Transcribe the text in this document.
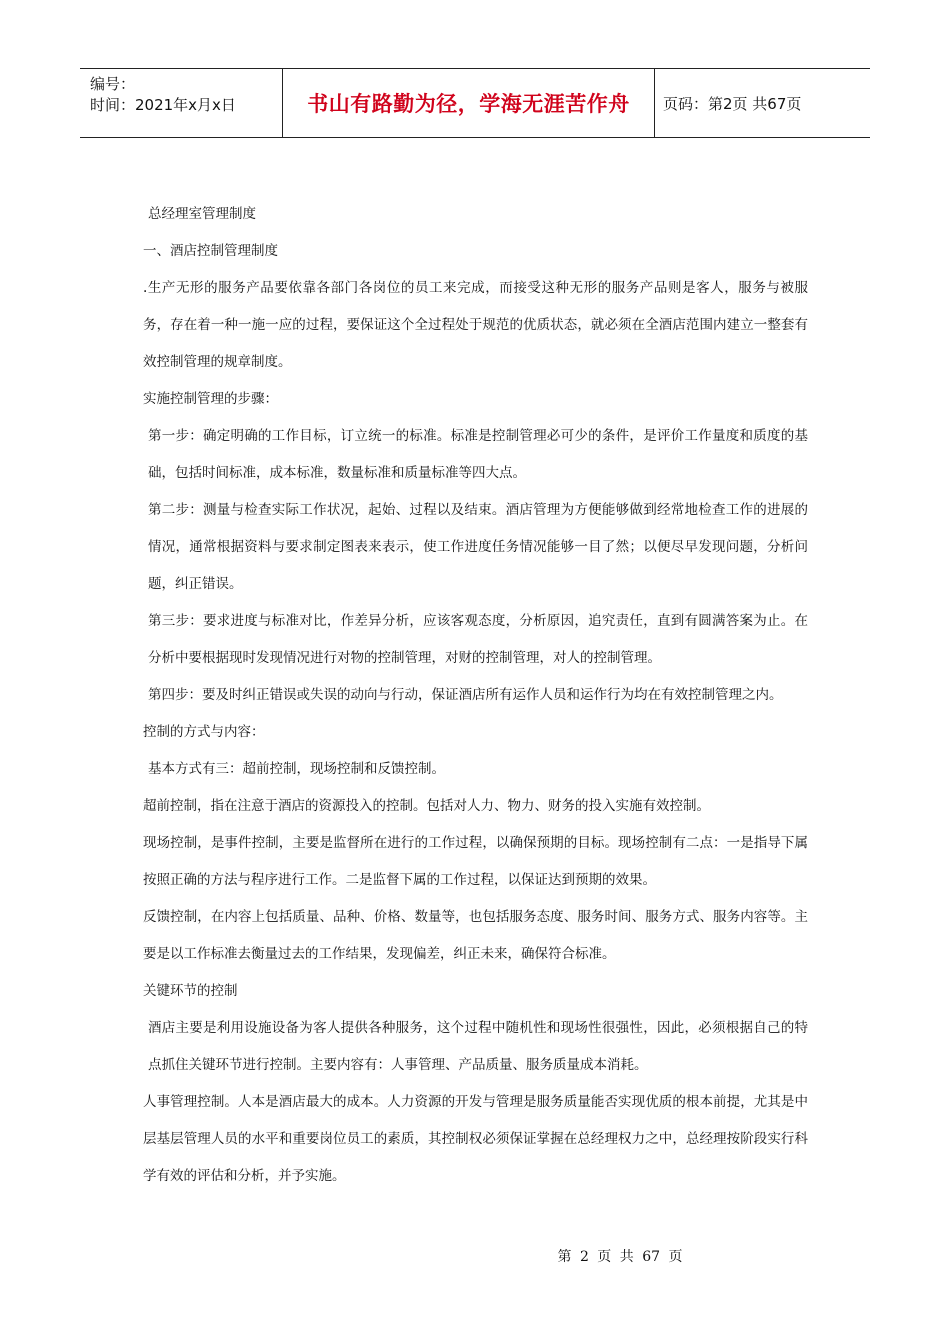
编号：
时间：2021年x月x日	书山有路勤为径，学海无涯苦作舟 页码：第2页 共67页

总经理室管理制度

一、酒店控制管理制度

.生产无形的服务产品要依靠各部门各岗位的员工来完成，而接受这种无形的服务产品则是客人，服务与被服务，存在着一种一施一应的过程，要保证这个全过程处于规范的优质状态，就必须在全酒店范围内建立一整套有效控制管理的规章制度。

实施控制管理的步骤：

第一步：确定明确的工作目标，订立统一的标准。标准是控制管理必可少的条件，是评价工作量度和质度的基础，包括时间标准，成本标准，数量标准和质量标准等四大点。

第二步：测量与检查实际工作状况，起始、过程以及结束。酒店管理为方便能够做到经常地检查工作的进展的情况，通常根据资料与要求制定图表来表示，使工作进度任务情况能够一目了然；以便尽早发现问题，分析问题，纠正错误。

第三步：要求进度与标准对比，作差异分析，应该客观态度，分析原因，追究责任，直到有圆满答案为止。在分析中要根据现时发现情况进行对物的控制管理，对财的控制管理，对人的控制管理。

第四步：要及时纠正错误或失误的动向与行动，保证酒店所有运作人员和运作行为均在有效控制管理之内。

控制的方式与内容：

基本方式有三：超前控制，现场控制和反馈控制。

超前控制，指在注意于酒店的资源投入的控制。包括对人力、物力、财务的投入实施有效控制。

现场控制，是事件控制，主要是监督所在进行的工作过程，以确保预期的目标。现场控制有二点：一是指导下属按照正确的方法与程序进行工作。二是监督下属的工作过程，以保证达到预期的效果。

反馈控制，在内容上包括质量、品种、价格、数量等，也包括服务态度、服务时间、服务方式、服务内容等。主要是以工作标准去衡量过去的工作结果，发现偏差，纠正未来，确保符合标准。

关键环节的控制

酒店主要是利用设施设备为客人提供各种服务，这个过程中随机性和现场性很强性，因此，必须根据自己的特点抓住关键环节进行控制。主要内容有：人事管理、产品质量、服务质量成本消耗。

人事管理控制。人本是酒店最大的成本。人力资源的开发与管理是服务质量能否实现优质的根本前提，尤其是中层基层管理人员的水平和重要岗位员工的素质，其控制权必须保证掌握在总经理权力之中，总经理按阶段实行科学有效的评估和分析，并予实施。

第 2 页 共 67 页
